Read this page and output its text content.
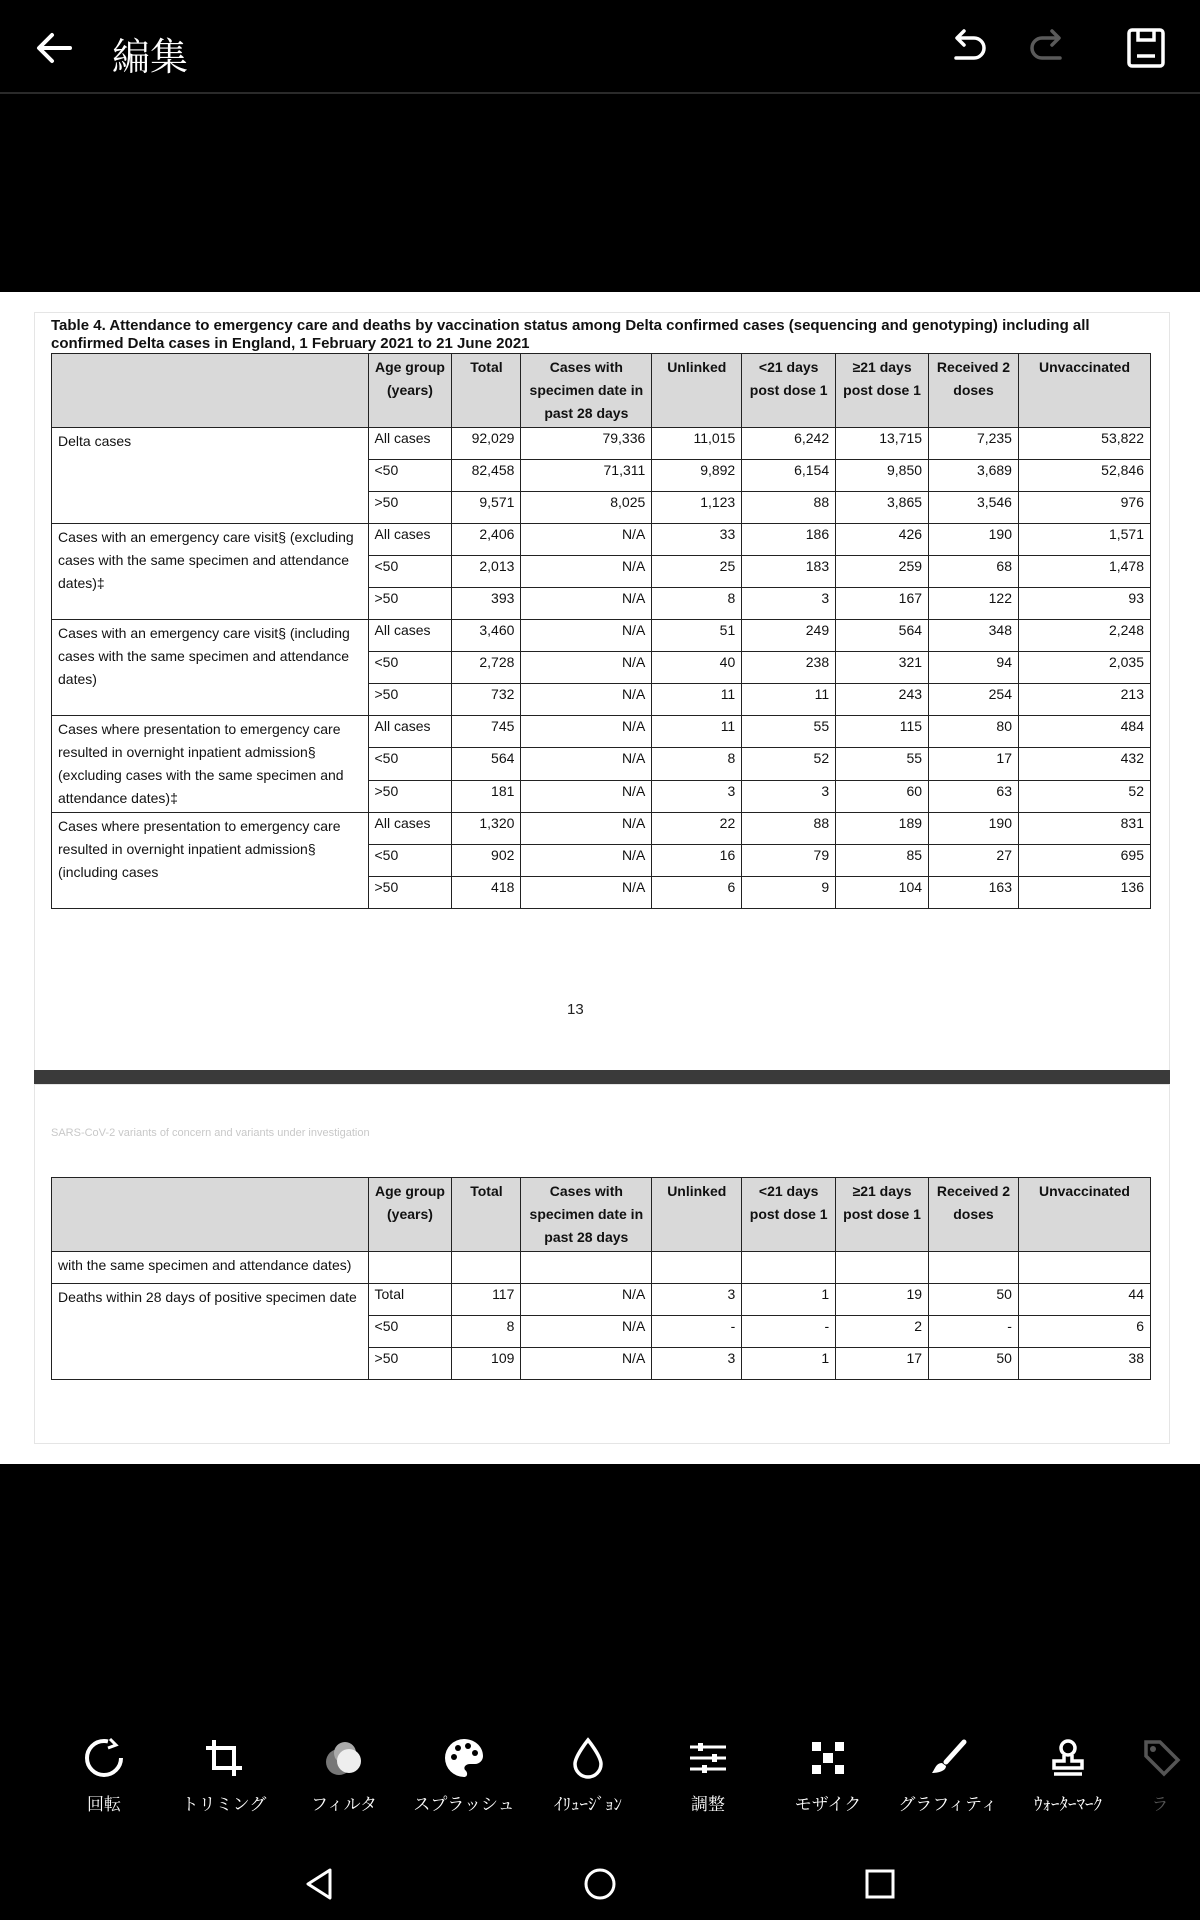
編集
Table 4. Attendance to emergency care and deaths by vaccination status among Delta confirmed cases (sequencing and genotyping) including all confirmed Delta cases in England, 1 February 2021 to 21 June 2021
	Age group (years)	Total	Cases with specimen date in past 28 days	Unlinked	<21 days post dose 1	≥21 days post dose 1	Received 2 doses	Unvaccinated
Delta cases	All cases	92,029	79,336	11,015	6,242	13,715	7,235	53,822
	<50	82,458	71,311	9,892	6,154	9,850	3,689	52,846
	>50	9,571	8,025	1,123	88	3,865	3,546	976
Cases with an emergency care visit§ (excluding cases with the same specimen and attendance dates)‡	All cases	2,406	N/A	33	186	426	190	1,571
	<50	2,013	N/A	25	183	259	68	1,478
	>50	393	N/A	8	3	167	122	93
Cases with an emergency care visit§ (including cases with the same specimen and attendance dates)	All cases	3,460	N/A	51	249	564	348	2,248
	<50	2,728	N/A	40	238	321	94	2,035
	>50	732	N/A	11	11	243	254	213
Cases where presentation to emergency care resulted in overnight inpatient admission§ (excluding cases with the same specimen and attendance dates)‡	All cases	745	N/A	11	55	115	80	484
	<50	564	N/A	8	52	55	17	432
	>50	181	N/A	3	3	60	63	52
Cases where presentation to emergency care resulted in overnight inpatient admission§ (including cases	All cases	1,320	N/A	22	88	189	190	831
	<50	902	N/A	16	79	85	27	695
	>50	418	N/A	6	9	104	163	136
13
SARS-CoV-2 variants of concern and variants under investigation
	Age group (years)	Total	Cases with specimen date in past 28 days	Unlinked	<21 days post dose 1	≥21 days post dose 1	Received 2 doses	Unvaccinated
with the same specimen and attendance dates)								
Deaths within 28 days of positive specimen date	Total	117	N/A	3	1	19	50	44
	<50	8	N/A	-	-	2	-	6
	>50	109	N/A	3	1	17	50	38
回転	トリミング	フィルタ	スプラッシュ	ｲﾘｭｰｼﾞｮﾝ	調整	モザイク	グラフィティ	ｳｫｰﾀｰﾏｰｸ	ラ
